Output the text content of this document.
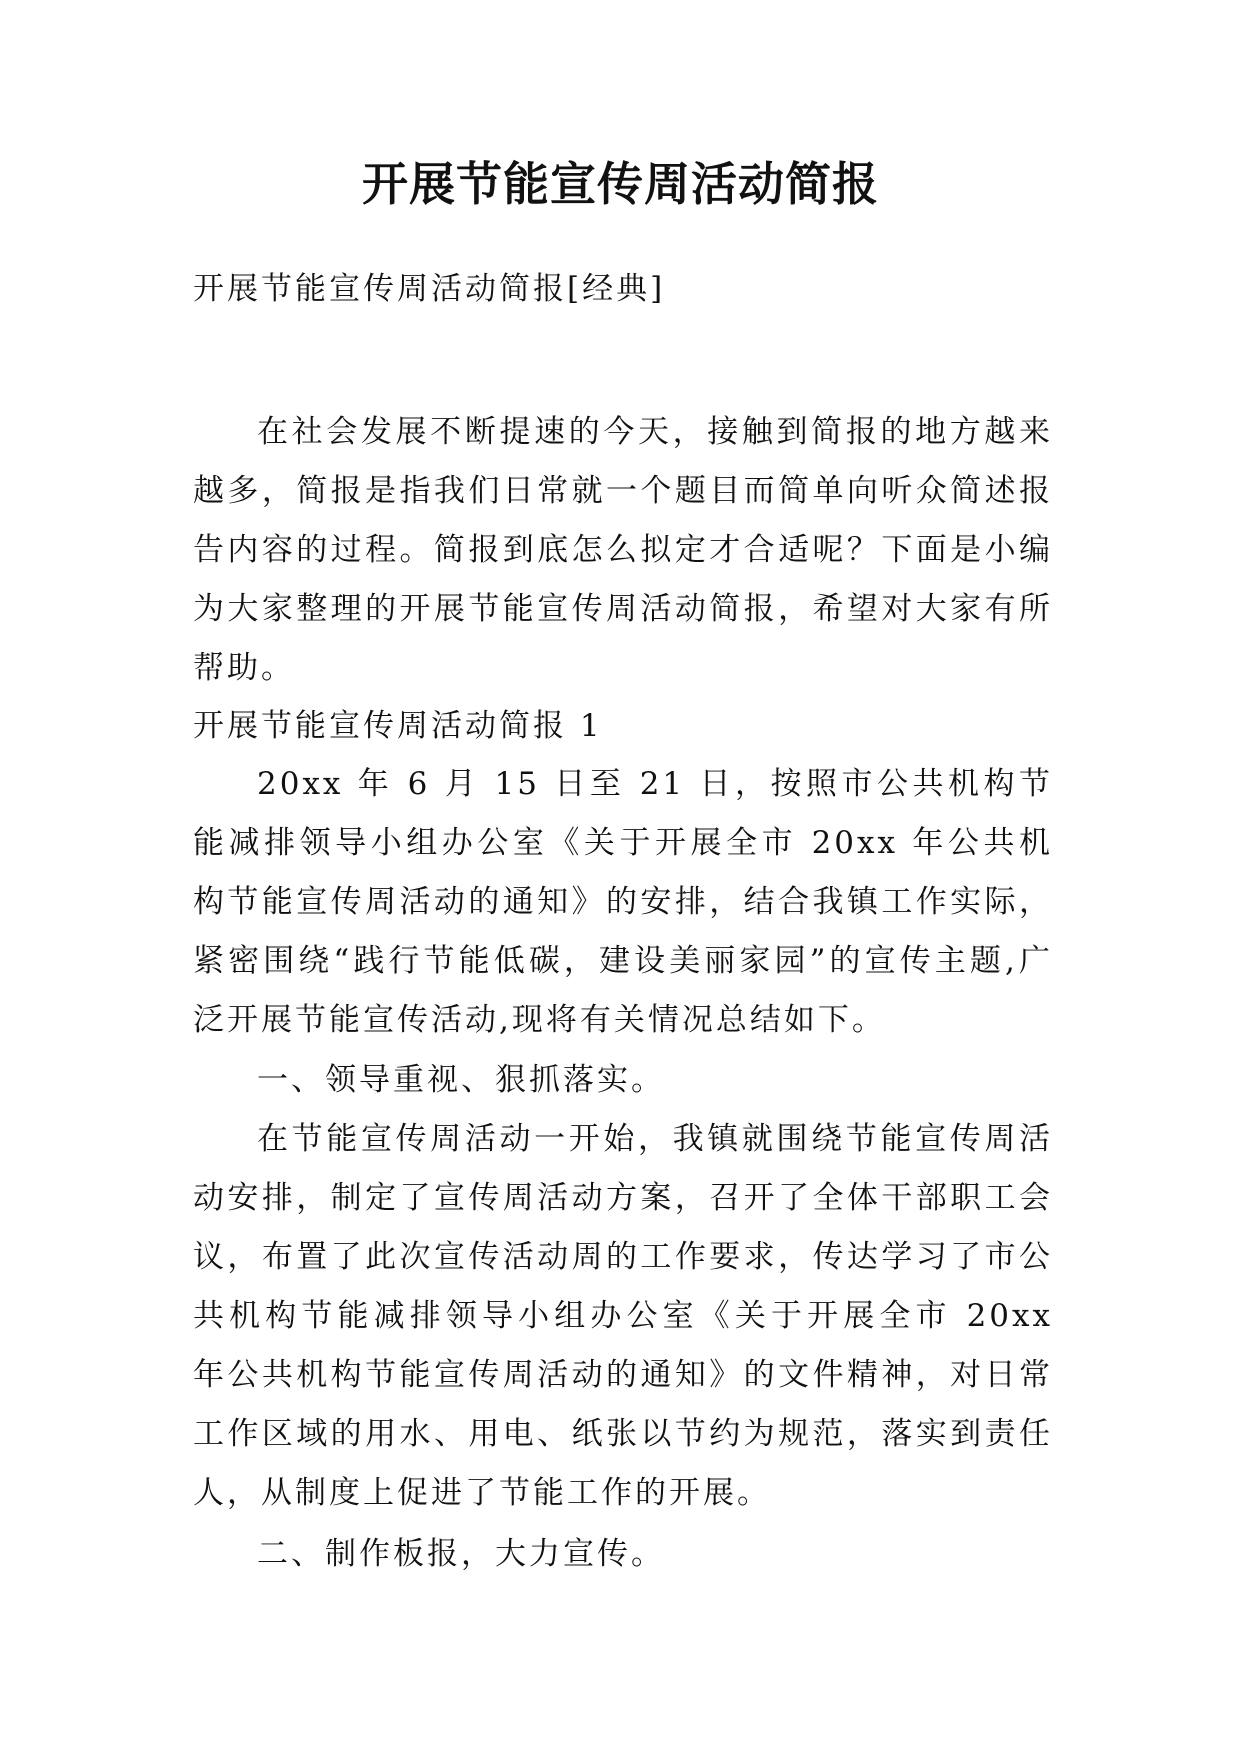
开展节能宣传周活动简报

开展节能宣传周活动简报[经典]

在社会发展不断提速的今天，接触到简报的地方越来越多，简报是指我们日常就一个题目而简单向听众简述报告内容的过程。简报到底怎么拟定才合适呢？下面是小编为大家整理的开展节能宣传周活动简报，希望对大家有所帮助。

开展节能宣传周活动简报 1

20xx 年 6 月 15 日至 21 日，按照市公共机构节能减排领导小组办公室《关于开展全市 20xx 年公共机构节能宣传周活动的通知》的安排，结合我镇工作实际，紧密围绕“践行节能低碳，建设美丽家园”的宣传主题,广泛开展节能宣传活动,现将有关情况总结如下。

一、领导重视、狠抓落实。

在节能宣传周活动一开始，我镇就围绕节能宣传周活动安排，制定了宣传周活动方案，召开了全体干部职工会议，布置了此次宣传活动周的工作要求，传达学习了市公共机构节能减排领导小组办公室《关于开展全市 20xx 年公共机构节能宣传周活动的通知》的文件精神，对日常工作区域的用水、用电、纸张以节约为规范，落实到责任人，从制度上促进了节能工作的开展。

二、制作板报，大力宣传。
